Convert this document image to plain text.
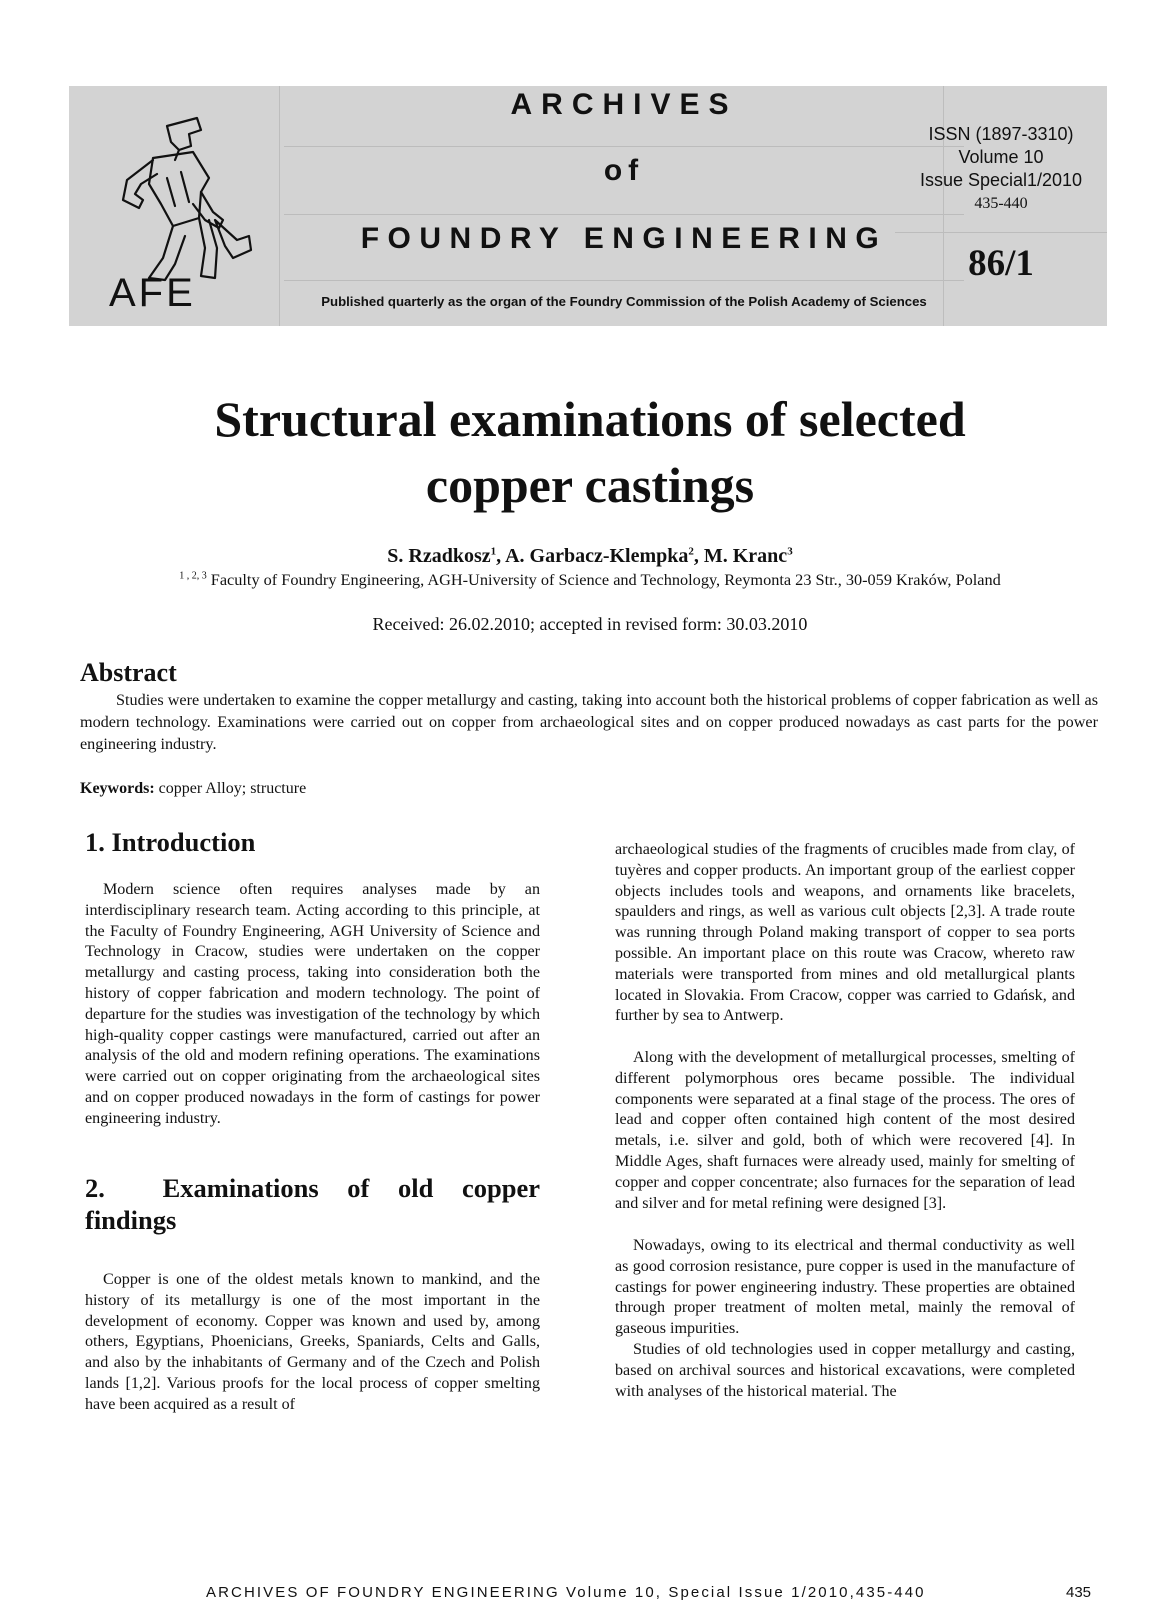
AFE
ARCHIVES
of
FOUNDRY ENGINEERING
Published quarterly as the organ of the Foundry Commission of the Polish Academy of Sciences
ISSN (1897-3310)
Volume 10
Issue Special1/2010
435-440
86/1
Structural examinations of selected
copper castings
S. Rzadkosz$^1$, A. Garbacz-Klempka$^2$, M. Kranc$^3$
$^{1 , 2, 3}$ Faculty of Foundry Engineering, AGH-University of Science and Technology, Reymonta 23 Str., 30-059 Kraków, Poland
Received: 26.02.2010; accepted in revised form: 30.03.2010
Abstract

Studies were undertaken to examine the copper metallurgy and casting, taking into account both the historical problems of copper fabrication as well as modern technology. Examinations were carried out on copper from archaeological sites and on copper produced nowadays as cast parts for the power engineering industry.

Keywords: copper Alloy; structure
1. Introduction

Modern science often requires analyses made by an interdisciplinary research team. Acting according to this principle, at the Faculty of Foundry Engineering, AGH University of Science and Technology in Cracow, studies were undertaken on the copper metallurgy and casting process, taking into consideration both the history of copper fabrication and modern technology. The point of departure for the studies was investigation of the technology by which high-quality copper castings were manufactured, carried out after an analysis of the old and modern refining operations. The examinations were carried out on copper originating from the archaeological sites and on copper produced nowadays in the form of castings for power engineering industry.

2. Examinations of old copper
findings

Copper is one of the oldest metals known to mankind, and the history of its metallurgy is one of the most important in the development of economy. Copper was known and used by, among others, Egyptians, Phoenicians, Greeks, Spaniards, Celts and Galls, and also by the inhabitants of Germany and of the Czech and Polish lands [1,2]. Various proofs for the local process of copper smelting have been acquired as a result of

archaeological studies of the fragments of crucibles made from clay, of tuyères and copper products. An important group of the earliest copper objects includes tools and weapons, and ornaments like bracelets, spaulders and rings, as well as various cult objects [2,3]. A trade route was running through Poland making transport of copper to sea ports possible. An important place on this route was Cracow, whereto raw materials were transported from mines and old metallurgical plants located in Slovakia. From Cracow, copper was carried to Gdańsk, and further by sea to Antwerp.

Along with the development of metallurgical processes, smelting of different polymorphous ores became possible. The individual components were separated at a final stage of the process. The ores of lead and copper often contained high content of the most desired metals, i.e. silver and gold, both of which were recovered [4]. In Middle Ages, shaft furnaces were already used, mainly for smelting of copper and copper concentrate; also furnaces for the separation of lead and silver and for metal refining were designed [3].

Nowadays, owing to its electrical and thermal conductivity as well as good corrosion resistance, pure copper is used in the manufacture of castings for power engineering industry. These properties are obtained through proper treatment of molten metal, mainly the removal of gaseous impurities.

Studies of old technologies used in copper metallurgy and casting, based on archival sources and historical excavations, were completed with analyses of the historical material. The

ARCHIVES OF FOUNDRY ENGINEERING Volume 10, Special Issue 1/2010,435-440	435
